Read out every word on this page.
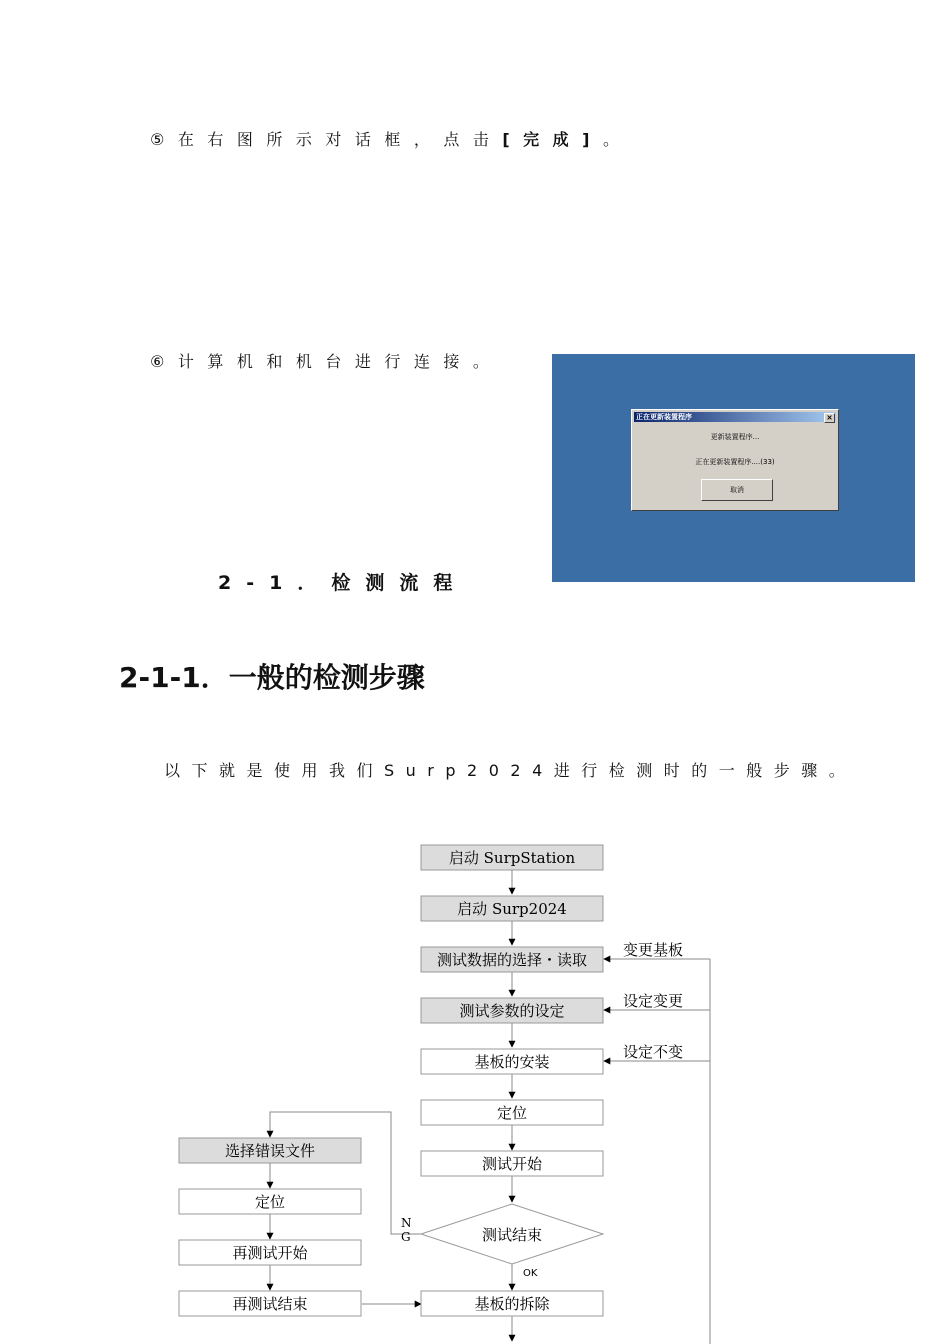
⑤在右图所示对话框，点击[完成]。
⑥计算机和机台进行连接。
正在更新装置程序	✕
更新装置程序...
正在更新装置程序....(33)
取消
2-1．检测流程
2-1-1．一般的检测步骤
以下就是使用我们Surp2024进行检测时的一般步骤。
启动 SurpStation
启动 Surp2024
测试数据的选择・读取
测试参数的设定
基板的安装
定位
测试开始
测试结束
基板的拆除
选择错误文件
定位
再测试开始
再测试结束
变更基板
设定变更
设定不变
N
G
OK
